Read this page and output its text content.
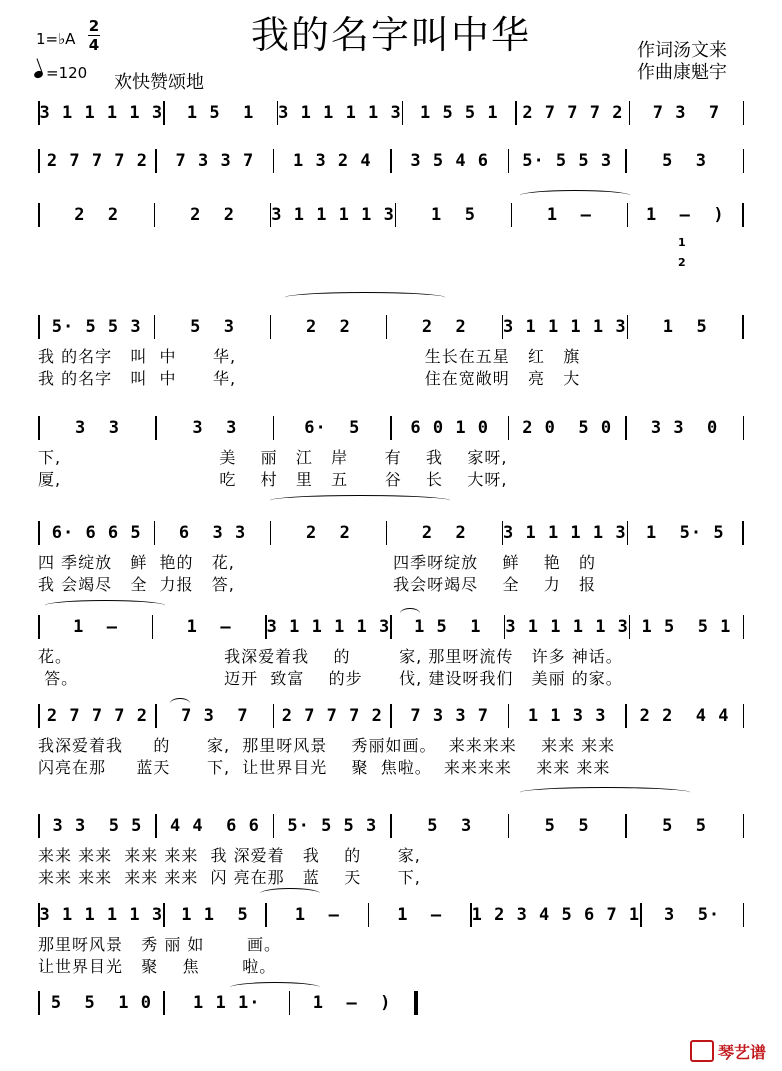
我的名字叫中华
1=♭A
2
4
=120 欢快赞颂地
作词汤文来
作曲康魁宇
3 1 1 1 1 3	1 5  1	3 1 1 1 1 3	1 5 5 1	2 7 7 7 2	7 3  7
2 7 7 7 2	7 3 3 7	1 3 2 4	3 5 4 6	5· 5 5 3	5  3
2  2	2  2	3 1 1 1 1 3	1  5	1  –	1  –  )
1

2
5· 5 5 3	5  3	2  2	2  2	3 1 1 1 1 3	1  5
我 的名字   叫  中      华,                               生长在五星   红   旗
我 的名字   叫  中      华,                               住在宽敞明   亮   大
3  3	3  3	6·  5	6 0 1 0	2 0  5 0	3 3  0
下,                          美    丽   江   岸      有    我    家呀,
厦,                          吃    村   里   五      谷    长    大呀,
6· 6 6 5	6  3 3	2  2	2  2	3 1 1 1 1 3	1  5· 5
四 季绽放   鲜  艳的   花,                          四季呀绽放    鲜    艳   的
我 会竭尽   全  力报   答,                          我会呀竭尽    全    力   报
1  –	1  –	3 1 1 1 1 3	1 5  1	3 1 1 1 1 3 1 5  5 1
花。                         我深爱着我    的        家, 那里呀流传   许多 神话。
答。                        迈开  致富    的步      伐, 建设呀我们   美丽 的家。
2 7 7 7 2	7 3  7	2 7 7 7 2	7 3 3 7	1 1 3 3	2 2  4 4
我深爱着我     的      家,  那里呀风景    秀丽如画。  来来来来    来来 来来
闪亮在那     蓝天      下,  让世界目光    聚  焦啦。  来来来来    来来 来来
3 3  5 5	4 4  6 6	5· 5 5 3	5  3	5  5	5  5
来来 来来  来来 来来  我 深爱着   我    的      家,
来来 来来  来来 来来  闪 亮在那   蓝    天      下,
3 1 1 1 1 3	1 1  5	1  –	1  –	1 2 3 4 5 6 7 1	3  5·
那里呀风景   秀 丽 如       画。
让世界目光   聚    焦       啦。
5  5  1 0	1 1 1·	1  –  )
琴艺谱
